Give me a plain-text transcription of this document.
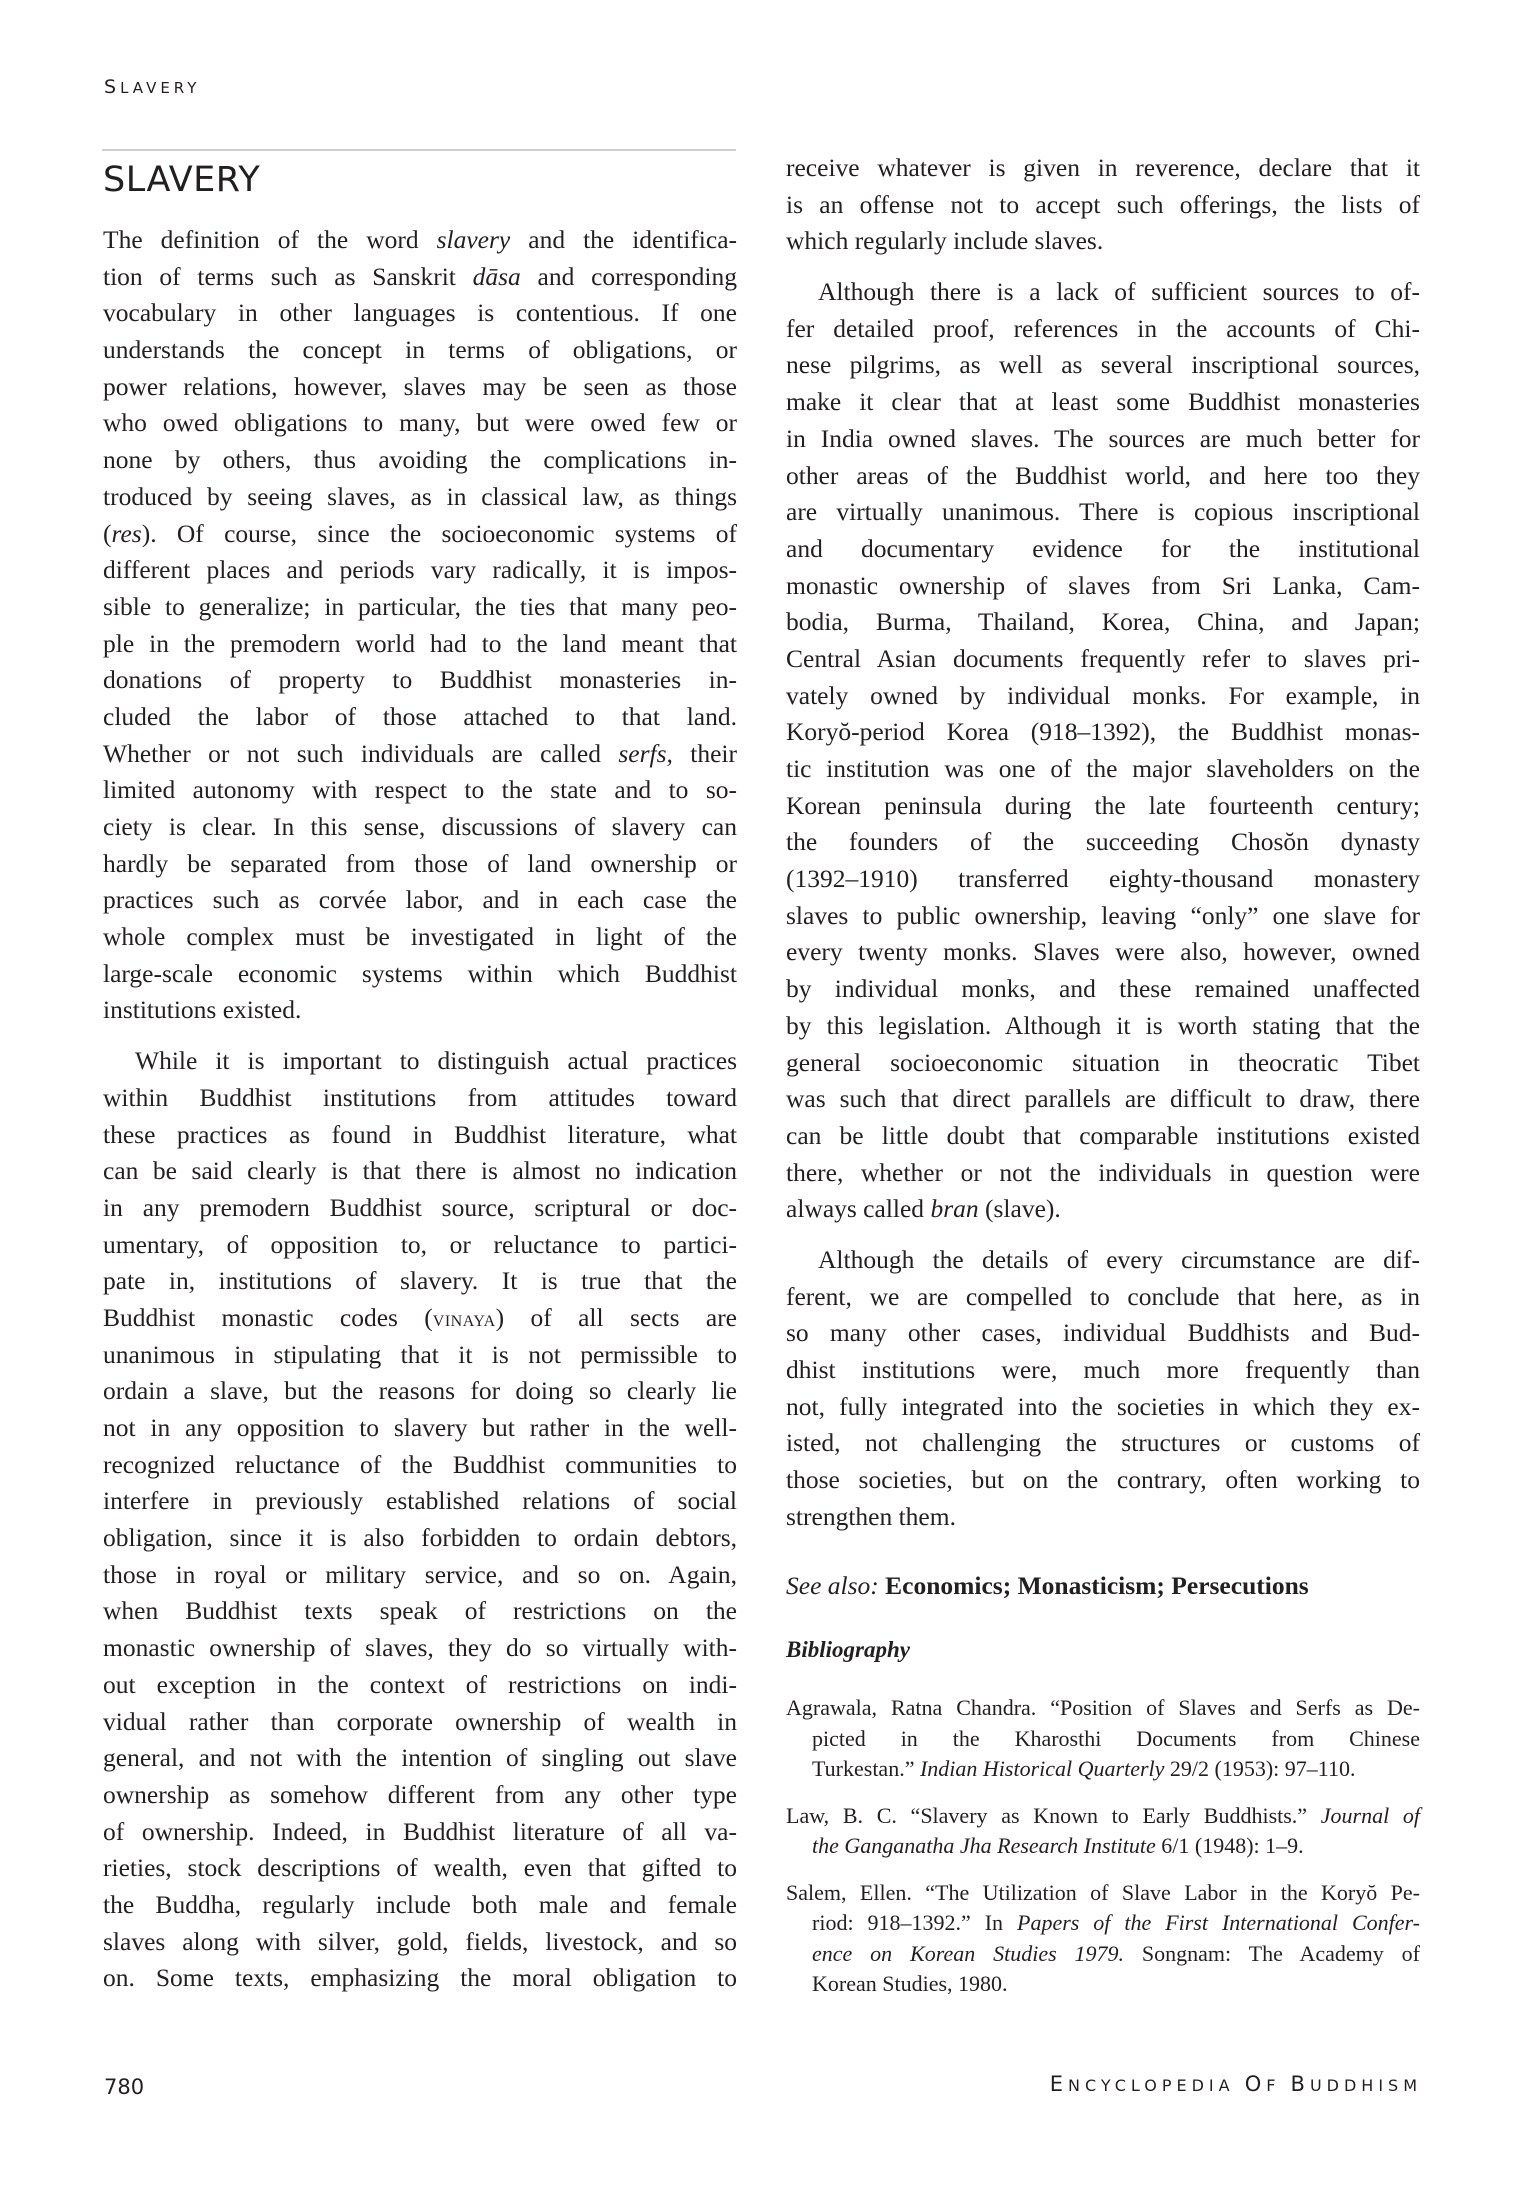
SLAVERY
SLAVERY
The definition of the word slavery and the identifica-
tion of terms such as Sanskrit dāsa and corresponding
vocabulary in other languages is contentious. If one
understands the concept in terms of obligations, or
power relations, however, slaves may be seen as those
who owed obligations to many, but were owed few or
none by others, thus avoiding the complications in-
troduced by seeing slaves, as in classical law, as things
(res). Of course, since the socioeconomic systems of
different places and periods vary radically, it is impos-
sible to generalize; in particular, the ties that many peo-
ple in the premodern world had to the land meant that
donations of property to Buddhist monasteries in-
cluded the labor of those attached to that land.
Whether or not such individuals are called serfs, their
limited autonomy with respect to the state and to so-
ciety is clear. In this sense, discussions of slavery can
hardly be separated from those of land ownership or
practices such as corvée labor, and in each case the
whole complex must be investigated in light of the
large-scale economic systems within which Buddhist
institutions existed.
While it is important to distinguish actual practices
within Buddhist institutions from attitudes toward
these practices as found in Buddhist literature, what
can be said clearly is that there is almost no indication
in any premodern Buddhist source, scriptural or doc-
umentary, of opposition to, or reluctance to partici-
pate in, institutions of slavery. It is true that the
Buddhist monastic codes (vinaya) of all sects are
unanimous in stipulating that it is not permissible to
ordain a slave, but the reasons for doing so clearly lie
not in any opposition to slavery but rather in the well-
recognized reluctance of the Buddhist communities to
interfere in previously established relations of social
obligation, since it is also forbidden to ordain debtors,
those in royal or military service, and so on. Again,
when Buddhist texts speak of restrictions on the
monastic ownership of slaves, they do so virtually with-
out exception in the context of restrictions on indi-
vidual rather than corporate ownership of wealth in
general, and not with the intention of singling out slave
ownership as somehow different from any other type
of ownership. Indeed, in Buddhist literature of all va-
rieties, stock descriptions of wealth, even that gifted to
the Buddha, regularly include both male and female
slaves along with silver, gold, fields, livestock, and so
on. Some texts, emphasizing the moral obligation to
receive whatever is given in reverence, declare that it
is an offense not to accept such offerings, the lists of
which regularly include slaves.
Although there is a lack of sufficient sources to of-
fer detailed proof, references in the accounts of Chi-
nese pilgrims, as well as several inscriptional sources,
make it clear that at least some Buddhist monasteries
in India owned slaves. The sources are much better for
other areas of the Buddhist world, and here too they
are virtually unanimous. There is copious inscriptional
and documentary evidence for the institutional
monastic ownership of slaves from Sri Lanka, Cam-
bodia, Burma, Thailand, Korea, China, and Japan;
Central Asian documents frequently refer to slaves pri-
vately owned by individual monks. For example, in
Koryŏ-period Korea (918–1392), the Buddhist monas-
tic institution was one of the major slaveholders on the
Korean peninsula during the late fourteenth century;
the founders of the succeeding Chosŏn dynasty
(1392–1910) transferred eighty-thousand monastery
slaves to public ownership, leaving “only” one slave for
every twenty monks. Slaves were also, however, owned
by individual monks, and these remained unaffected
by this legislation. Although it is worth stating that the
general socioeconomic situation in theocratic Tibet
was such that direct parallels are difficult to draw, there
can be little doubt that comparable institutions existed
there, whether or not the individuals in question were
always called bran (slave).
Although the details of every circumstance are dif-
ferent, we are compelled to conclude that here, as in
so many other cases, individual Buddhists and Bud-
dhist institutions were, much more frequently than
not, fully integrated into the societies in which they ex-
isted, not challenging the structures or customs of
those societies, but on the contrary, often working to
strengthen them.
See also: Economics; Monasticism; Persecutions
Bibliography
Agrawala, Ratna Chandra. “Position of Slaves and Serfs as De-
picted in the Kharosthi Documents from Chinese
Turkestan.” Indian Historical Quarterly 29/2 (1953): 97–110.
Law, B. C. “Slavery as Known to Early Buddhists.” Journal of
the Ganganatha Jha Research Institute 6/1 (1948): 1–9.
Salem, Ellen. “The Utilization of Slave Labor in the Koryŏ Pe-
riod: 918–1392.” In Papers of the First International Confer-
ence on Korean Studies 1979. Songnam: The Academy of
Korean Studies, 1980.
780	ENCYCLOPEDIA OF BUDDHISM
